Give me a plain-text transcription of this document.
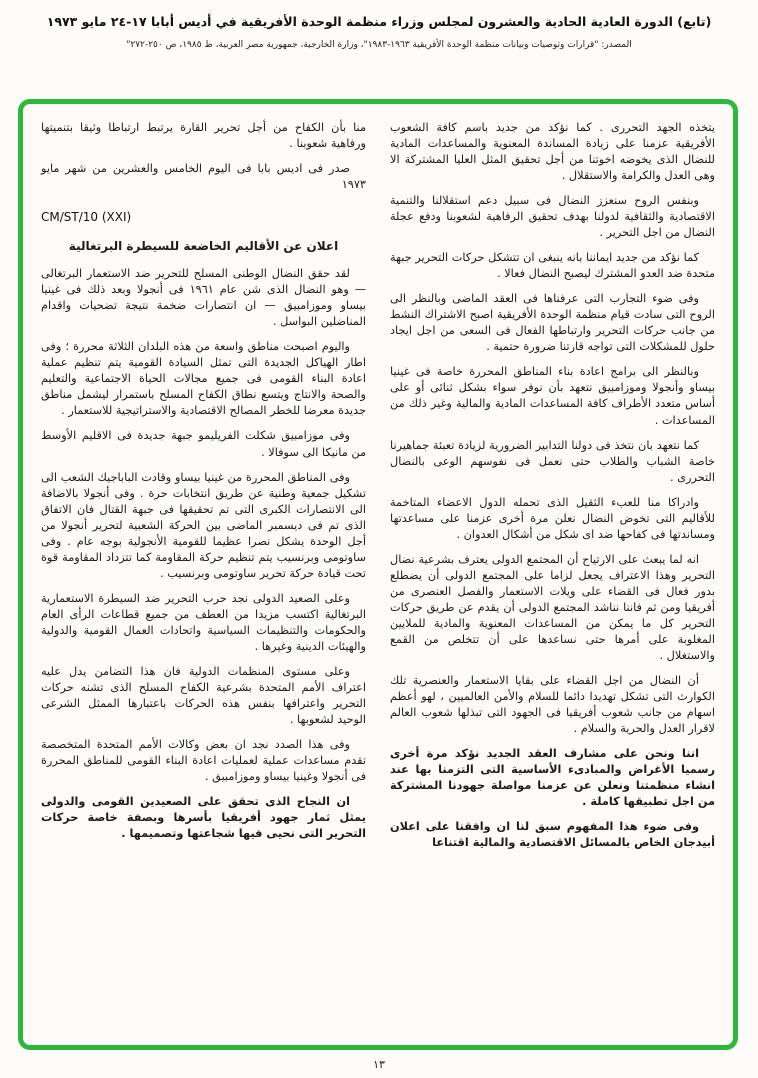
(تابع) الدورة العادية الحادية والعشرون لمجلس وزراء منظمة الوحدة الأفريقية في أديس أبابا ١٧-٢٤ مايو ١٩٧٣
المصدر: "قرارات وتوصيات وبيانات منظمة الوحدة الأفريقية ١٩٦٣-١٩٨٣"، وزارة الخارجية، جمهورية مصر العربية، ط ١٩٨٥، ص ٢٥٠-٢٧٢"

يتخذه الجهد التحررى . كما نؤكد من جديد باسم كافة الشعوب الأفريقية عزمنا على زيادة المساندة المعنوية والمساعدات المادية للنضال الذى يخوضه اخوتنا من أجل تحقيق المثل العليا المشتركة الا وهى العدل والكرامة والاستقلال .

وبنفس الروح سنعزز النضال فى سبيل دعم استقلالنا والتنمية الاقتصادية والثقافية لدولنا بهدف تحقيق الرفاهية لشعوبنا ودفع عجلة النضال من اجل التحرير .

كما نؤكد من جديد ايماننا بانه ينبغى ان تتشكل حركات التحرير جبهة متحدة ضد العدو المشترك ليصبح النضال فعالا .

وفى ضوء التجارب التى عرفناها فى العقد الماضى وبالنظر الى الروح التى سادت قيام منظمة الوحدة الأفريقية اصبح الاشتراك النشط من جانب حركات التحرير وارتباطها الفعال فى السعى من اجل ايجاد حلول للمشكلات التى تواجه قارتنا ضرورة حتمية .

وبالنظر الى برامج اعادة بناء المناطق المحررة خاصة فى غينيا بيساو وأنجولا وموزامبيق نتعهد بأن نوفر سواء بشكل ثنائى أو على أساس متعدد الأطراف كافة المساعدات المادية والمالية وغير ذلك من المساعدات .

كما نتعهد بان نتخذ فى دولنا التدابير الضرورية لزيادة تعبئة جماهيرنا خاصة الشباب والطلاب حتى نعمل فى نفوسهم الوعى بالنضال التحررى .

وادراكا منا للعبء الثقيل الذى تحمله الدول الاعضاء المتاخمة للأقاليم التى تخوض النضال نعلن مرة أخرى عزمنا على مساعدتها ومساندتها فى كفاحها ضد اى شكل من أشكال العدوان .

انه لما يبعث على الارتياح أن المجتمع الدولى يعترف بشرعية نضال التحرير وهذا الاعتراف يجعل لزاما على المجتمع الدولى أن يضطلع بدور فعال فى القضاء على ويلات الاستعمار والفصل العنصرى من أفريقيا ومن ثم فاننا نناشد المجتمع الدولى أن يقدم عن طريق حركات التحرير كل ما يمكن من المساعدات المعنوية والمادية للملايين المغلوبة على أمرها حتى نساعدها على أن تتخلص من القمع والاستغلال .

أن النضال من اجل القضاء على بقايا الاستعمار والعنصرية تلك الكوارث التى تشكل تهديدا دائما للسلام والأمن العالميين ، لهو أعظم اسهام من جانب شعوب أفريقيا فى الجهود التى تبذلها شعوب العالم لاقرار العدل والحرية والسلام .

اننا ونحن على مشارف العقد الجديد نؤكد مرة أخرى رسميا الأغراض والمبادىء الأساسية التى التزمنا بها عند انشاء منظمتنا ونعلن عن عزمنا مواصلة جهودنا المشتركة من اجل تطبيقها كاملة .

وفى ضوء هذا المفهوم سبق لنا ان وافقنا على اعلان أبيدجان الخاص بالمسائل الاقتصادية والمالية اقتناعا

منا بأن الكفاح من أجل تحرير القارة يرتبط ارتباطا وثيقا بتنميتها ورفاهية شعوبنا .

صدر فى اديس بابا فى اليوم الخامس والعشرين من شهر مايو ١٩٧٣

CM/ST/10 (XXI)

اعلان عن الأقاليم الخاضعة للسيطرة البرتغالية

لقد حقق النضال الوطنى المسلح للتحرير ضد الاستعمار البرتغالى — وهو النضال الذى شن عام ١٩٦١ فى أنجولا وبعد ذلك فى غينيا بيساو وموزامبيق — ان انتصارات ضخمة نتيجة تضحيات واقدام المناضلين البواسل .

واليوم اصبحت مناطق واسعة من هذه البلدان الثلاثة محررة ؛ وفى اطار الهياكل الجديدة التى تمثل السيادة القومية يتم تنظيم عملية اعادة البناء القومى فى جميع مجالات الحياة الاجتماعية والتعليم والصحة والانتاج ويتسع نطاق الكفاح المسلح باستمرار ليشمل مناطق جديدة معرضا للخطر المصالح الاقتصادية والاستراتيجية للاستعمار .

وفى موزامبيق شكلت الفريليمو جبهة جديدة فى الاقليم الأوسط من مانيكا الى سوفالا .

وفى المناطق المحررة من غينيا بيساو وقادت الباباجيك الشعب الى تشكيل جمعية وطنية عن طريق انتخابات حرة . وفى أنجولا بالاضافة الى الانتصارات الكبرى التى تم تحقيقها فى جبهة القتال فان الاتفاق الذى تم فى ديسمبر الماضى بين الحركة الشعبية لتحرير أنجولا من أجل الوحدة يشكل نصرا عظيما للقومية الأنجولية بوجه عام . وفى ساوتومى وبرنسيب يتم تنظيم حركة المقاومة كما تتزداد المقاومة قوة تحت قيادة حركة تحرير ساوتومى وبرنسيب .

وعلى الصعيد الدولى نجد حرب التحرير ضد السيطرة الاستعمارية البرتغالية اكتسب مزيدا من العطف من جميع قطاعات الرأى العام والحكومات والتنظيمات السياسية واتحادات العمال القومية والدولية والهيئات الدينية وغيرها .

وعلى مستوى المنظمات الدولية فان هذا التضامن يدل عليه اعتراف الأمم المتحدة بشرعية الكفاح المسلح الذى تشنه حركات التحرير واعترافها بنفس هذه الحركات باعتبارها الممثل الشرعى الوحيد لشعوبها .

وفى هذا الصدد نجد ان بعض وكالات الأمم المتحدة المتخصصة تقدم مساعدات عملية لعمليات اعادة البناء القومى للمناطق المحررة فى أنجولا وغينيا بيساو وموزامبيق .

ان النجاح الذى تحقق على الصعيدين القومى والدولى يمثل ثمار جهود أفريقيا بأسرها وبصفة خاصة حركات التحرير التى نحيى فيها شجاعتها وتصميمها .

١٣
